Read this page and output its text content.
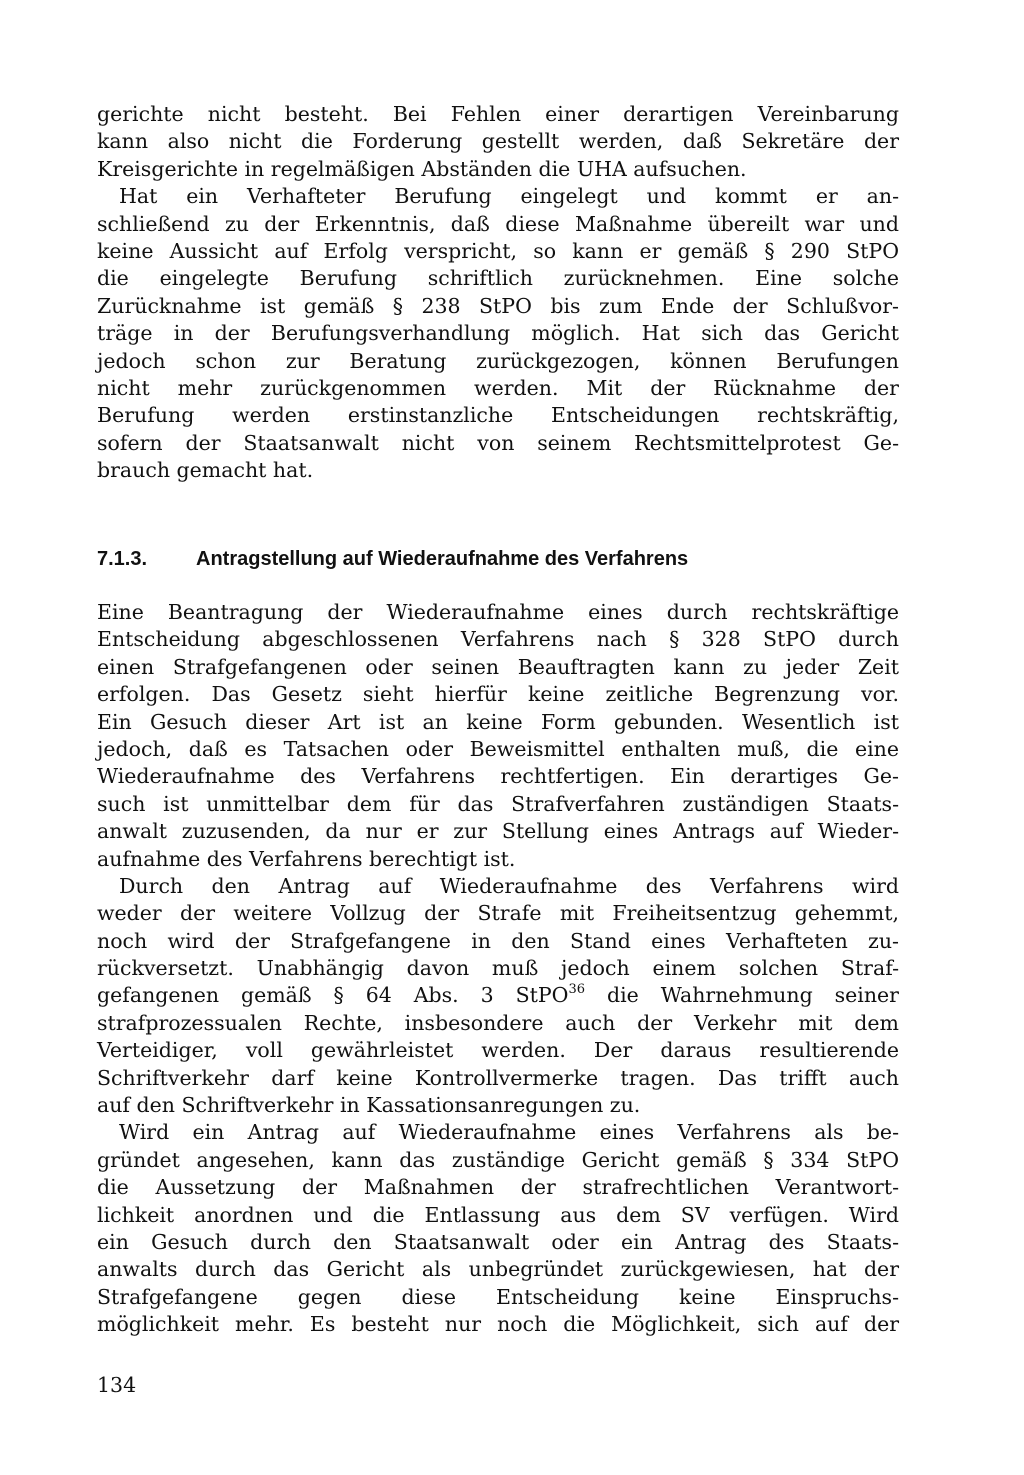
gerichte nicht besteht. Bei Fehlen einer derartigen Vereinbarung
kann also nicht die Forderung gestellt werden, daß Sekretäre der
Kreisgerichte in regelmäßigen Abständen die UHA aufsuchen.
Hat ein Verhafteter Berufung eingelegt und kommt er an-
schließend zu der Erkenntnis, daß diese Maßnahme übereilt war und
keine Aussicht auf Erfolg verspricht, so kann er gemäß § 290 StPO
die eingelegte Berufung schriftlich zurücknehmen. Eine solche
Zurücknahme ist gemäß § 238 StPO bis zum Ende der Schlußvor-
träge in der Berufungsverhandlung möglich. Hat sich das Gericht
jedoch schon zur Beratung zurückgezogen, können Berufungen
nicht mehr zurückgenommen werden. Mit der Rücknahme der
Berufung werden erstinstanzliche Entscheidungen rechtskräftig,
sofern der Staatsanwalt nicht von seinem Rechtsmittelprotest Ge-
brauch gemacht hat.
7.1.3. Antragstellung auf Wiederaufnahme des Verfahrens
Eine Beantragung der Wiederaufnahme eines durch rechtskräftige
Entscheidung abgeschlossenen Verfahrens nach § 328 StPO durch
einen Strafgefangenen oder seinen Beauftragten kann zu jeder Zeit
erfolgen. Das Gesetz sieht hierfür keine zeitliche Begrenzung vor.
Ein Gesuch dieser Art ist an keine Form gebunden. Wesentlich ist
jedoch, daß es Tatsachen oder Beweismittel enthalten muß, die eine
Wiederaufnahme des Verfahrens rechtfertigen. Ein derartiges Ge-
such ist unmittelbar dem für das Strafverfahren zuständigen Staats-
anwalt zuzusenden, da nur er zur Stellung eines Antrags auf Wieder-
aufnahme des Verfahrens berechtigt ist.
Durch den Antrag auf Wiederaufnahme des Verfahrens wird
weder der weitere Vollzug der Strafe mit Freiheitsentzug gehemmt,
noch wird der Strafgefangene in den Stand eines Verhafteten zu-
rückversetzt. Unabhängig davon muß jedoch einem solchen Straf-
gefangenen gemäß § 64 Abs. 3 StPO$^{36}$ die Wahrnehmung seiner
strafprozessualen Rechte, insbesondere auch der Verkehr mit dem
Verteidiger, voll gewährleistet werden. Der daraus resultierende
Schriftverkehr darf keine Kontrollvermerke tragen. Das trifft auch
auf den Schriftverkehr in Kassationsanregungen zu.
Wird ein Antrag auf Wiederaufnahme eines Verfahrens als be-
gründet angesehen, kann das zuständige Gericht gemäß § 334 StPO
die Aussetzung der Maßnahmen der strafrechtlichen Verantwort-
lichkeit anordnen und die Entlassung aus dem SV verfügen. Wird
ein Gesuch durch den Staatsanwalt oder ein Antrag des Staats-
anwalts durch das Gericht als unbegründet zurückgewiesen, hat der
Strafgefangene gegen diese Entscheidung keine Einspruchs-
möglichkeit mehr. Es besteht nur noch die Möglichkeit, sich auf der
134
